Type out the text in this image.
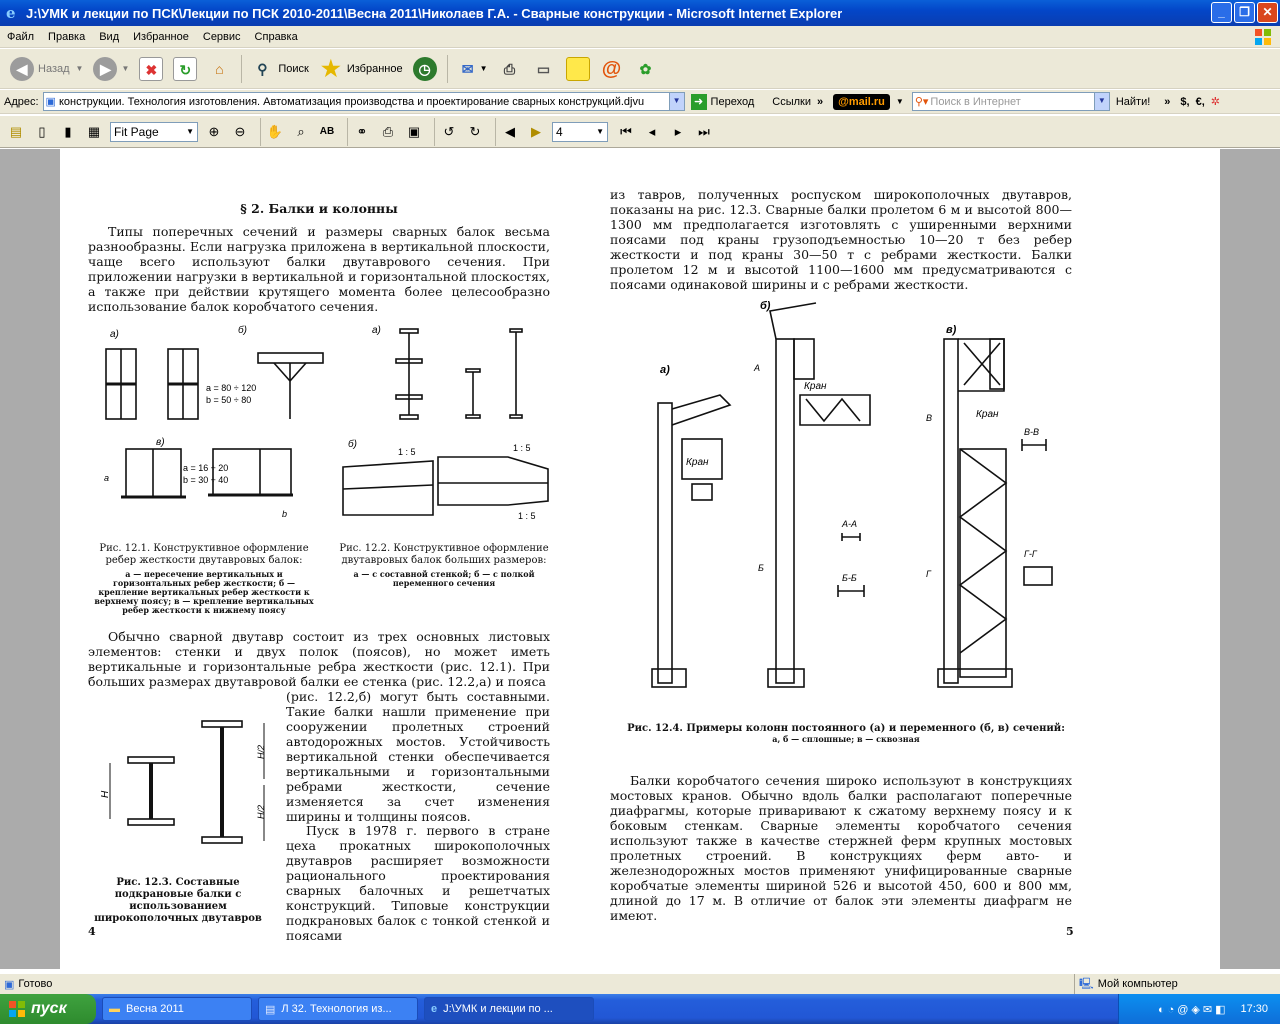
e J:\УМК и лекции по ПСК\Лекции по ПСК 2010-2011\Весна 2011\Николаев Г.А. - Сварные конструкции - Microsoft Internet Explorer	_	❐	✕
Файл	Правка	Вид	Избранное	Сервис	Справка
◀ Назад ▼	▶	▼	✖	↻	⌂	⚲ Поиск ★ Избранное	◷	✉ ▼	⎙	▭	@	✿
Адрес: ▣ конструкции. Технология изготовления. Автоматизация производства и проектирование сварных конструкций.djvu	▼	➜ Переход Ссылки »	@mail.ru	▼ ⚲▾ Поиск в Интернет	▼ Найти! » $, €, ✲
▤	▯	▮	▦	Fit Page	▼	⊕	⊖	✋	⌕	AB	⚭	⎙	▣	↺	↻	◀	▶	4	▼	⏮	◂	▸	⏭
§ 2. Балки и колонны
Типы поперечных сечений и размеры сварных балок весьма разнообразны. Если нагрузка приложена в вертикальной плоскости, чаще всего используют балки двутаврового сечения. При приложении нагрузки в вертикальной и горизонтальной плоскостях, а также при действии крутящего момента более целесообразно использование балок коробчатого сечения.
а)	б)
в)
a = 80 ÷ 120
b = 50 ÷ 80
a = 16 ÷ 20
b = 30 ÷ 40
b
a
а)
б)
1 : 5	1 : 5
1 : 5
Рис. 12.1. Конструктивное оформление ребер жесткости двутавровых балок:
а — пересечение вертикальных и горизонтальных ребер жесткости; б — крепление вертикальных ребер жесткости к верхнему поясу; в — крепление вертикальных ребер жесткости к нижнему поясу
Рис. 12.2. Конструктивное оформление двутавровых балок больших размеров:
а — с составной стенкой; б — с полкой переменного сечения
Обычно сварной двутавр состоит из трех основных листовых элементов: стенки и двух полок (поясов), но может иметь вертикальные и горизонтальные ребра жесткости (рис. 12.1). При больших размерах двутавровой балки ее стенка (рис. 12.2,а) и пояса
H
H/2
H/2
(рис. 12.2,б) могут быть составными. Такие балки нашли применение при сооружении пролетных строений автодорожных мостов. Устойчивость вертикальной стенки обеспечивается вертикальными и горизонтальными ребрами жесткости, сечение изменяется за счет изменения ширины и толщины поясов.
Пуск в 1978 г. первого в стране цеха прокатных широкополочных двутавров расширяет возможности рационального проектирования сварных балочных и решетчатых конструкций. Типовые конструкции подкрановых балок с тонкой стенкой и поясами
Рис. 12.3. Составные подкрановые балки с использованием широкополочных двутавров
4
из тавров, полученных роспуском широкополочных двутавров, показаны на рис. 12.3. Сварные балки пролетом 6 м и высотой 800—1300 мм предполагается изготовлять с уширенными верхними поясами под краны грузоподъемностью 10—20 т без ребер жесткости и под краны 30—50 т с ребрами жесткости. Балки пролетом 12 м и высотой 1100—1600 мм предусматриваются с поясами одинаковой ширины и с ребрами жесткости.
а)
б)
в)
Кран
Кран
Кран
А-А
Б-Б
В-В
Г-Г
А
Б
В
Г
Рис. 12.4. Примеры колонн постоянного (а) и переменного (б, в) сечений:
а, б — сплошные; в — сквозная
Балки коробчатого сечения широко используют в конструкциях мостовых кранов. Обычно вдоль балки располагают поперечные диафрагмы, которые приваривают к сжатому верхнему поясу и к боковым стенкам. Сварные элементы коробчатого сечения используют также в качестве стержней ферм крупных мостовых пролетных строений. В конструкциях ферм авто- и железнодорожных мостов применяют унифицированные сварные коробчатые элементы шириной 526 и высотой 450, 600 и 800 мм, длиной до 17 м. В отличие от балок эти элементы диафрагм не имеют.
5
▣ Готово	🖳 Мой компьютер
пуск	▬ Весна 2011	▤ Л 32. Технология из...	e J:\УМК и лекции по ...	◐◔@◈✉◧ 17:30
